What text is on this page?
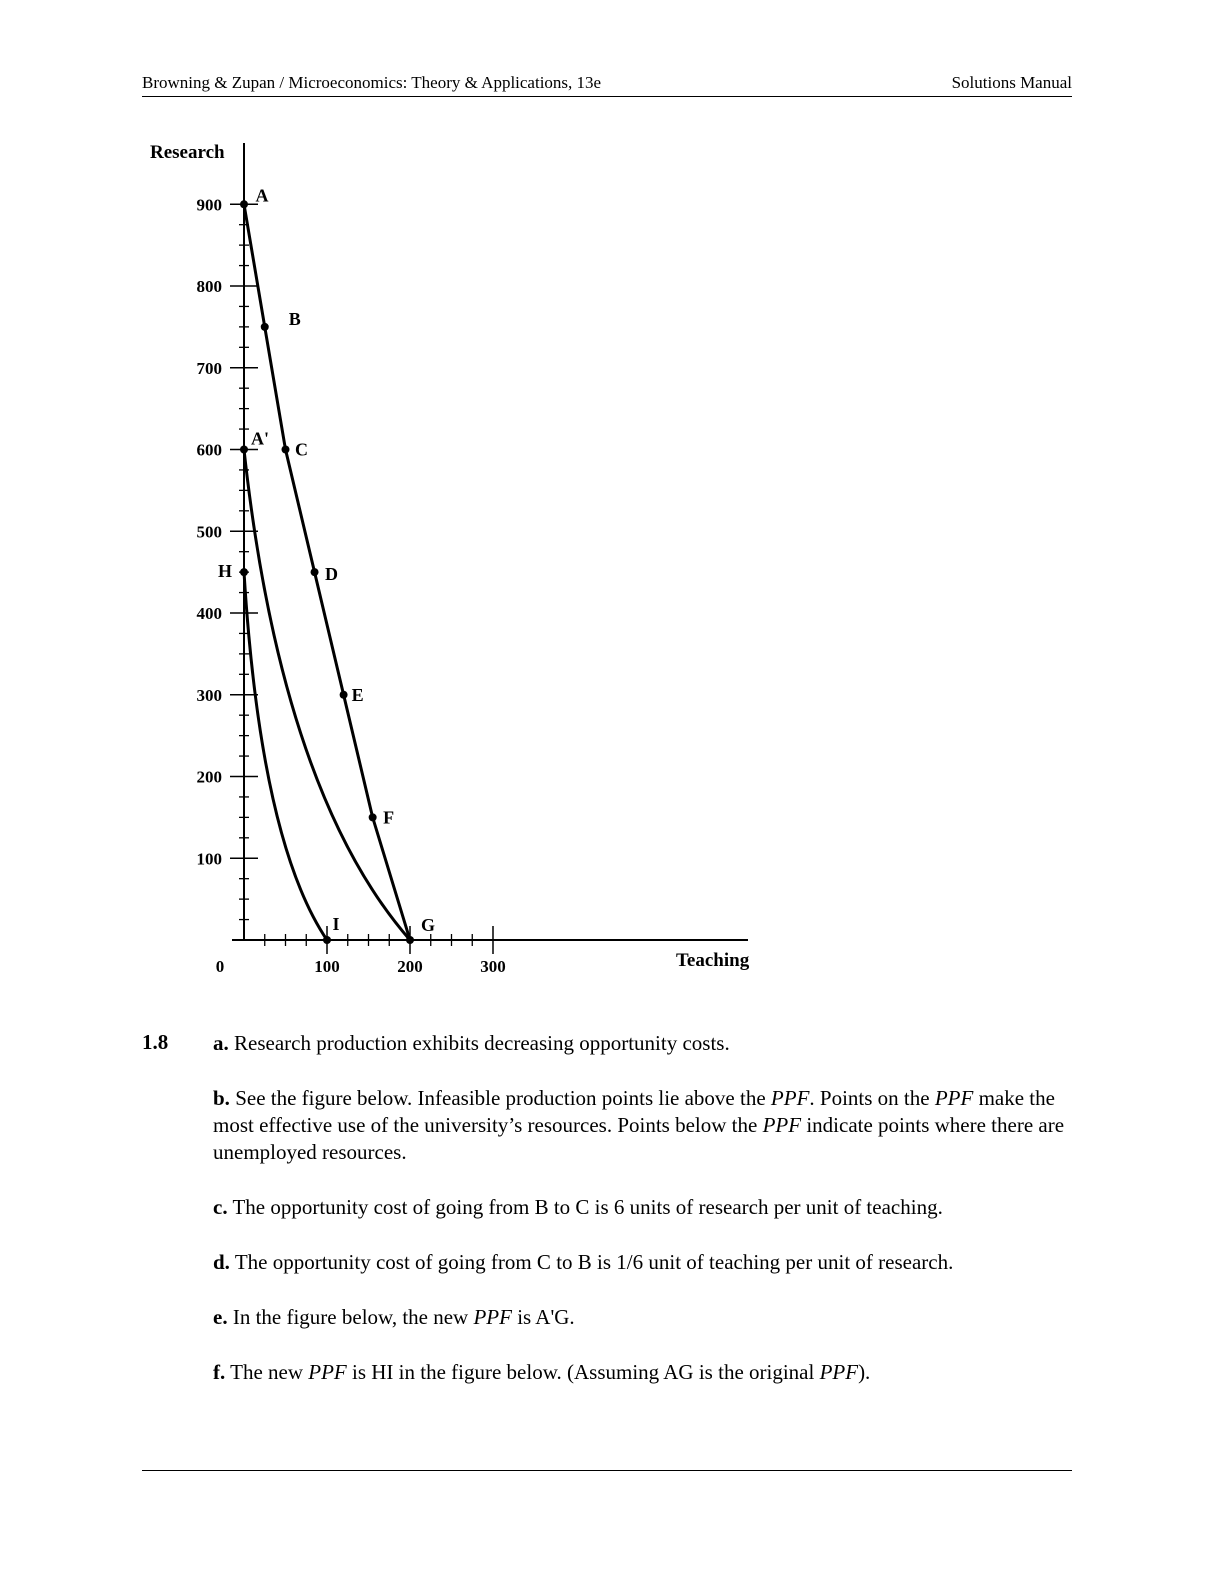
Browning & Zupan / Microeconomics: Theory & Applications, 13e	Solutions Manual
100
200
300
400
500
600
700
800
900
0	100	200	300
A
B
C
D
E
F
G
A'
H
I
Research
Teaching
1.8 a. Research production exhibits decreasing opportunity costs.

b. See the figure below. Infeasible production points lie above the PPF. Points on the PPF make the most effective use of the university’s resources. Points below the PPF indicate points where there are unemployed resources.

c. The opportunity cost of going from B to C is 6 units of research per unit of teaching.

d. The opportunity cost of going from C to B is 1/6 unit of teaching per unit of research.

e. In the figure below, the new PPF is A'G.

f. The new PPF is HI in the figure below. (Assuming AG is the original PPF).
